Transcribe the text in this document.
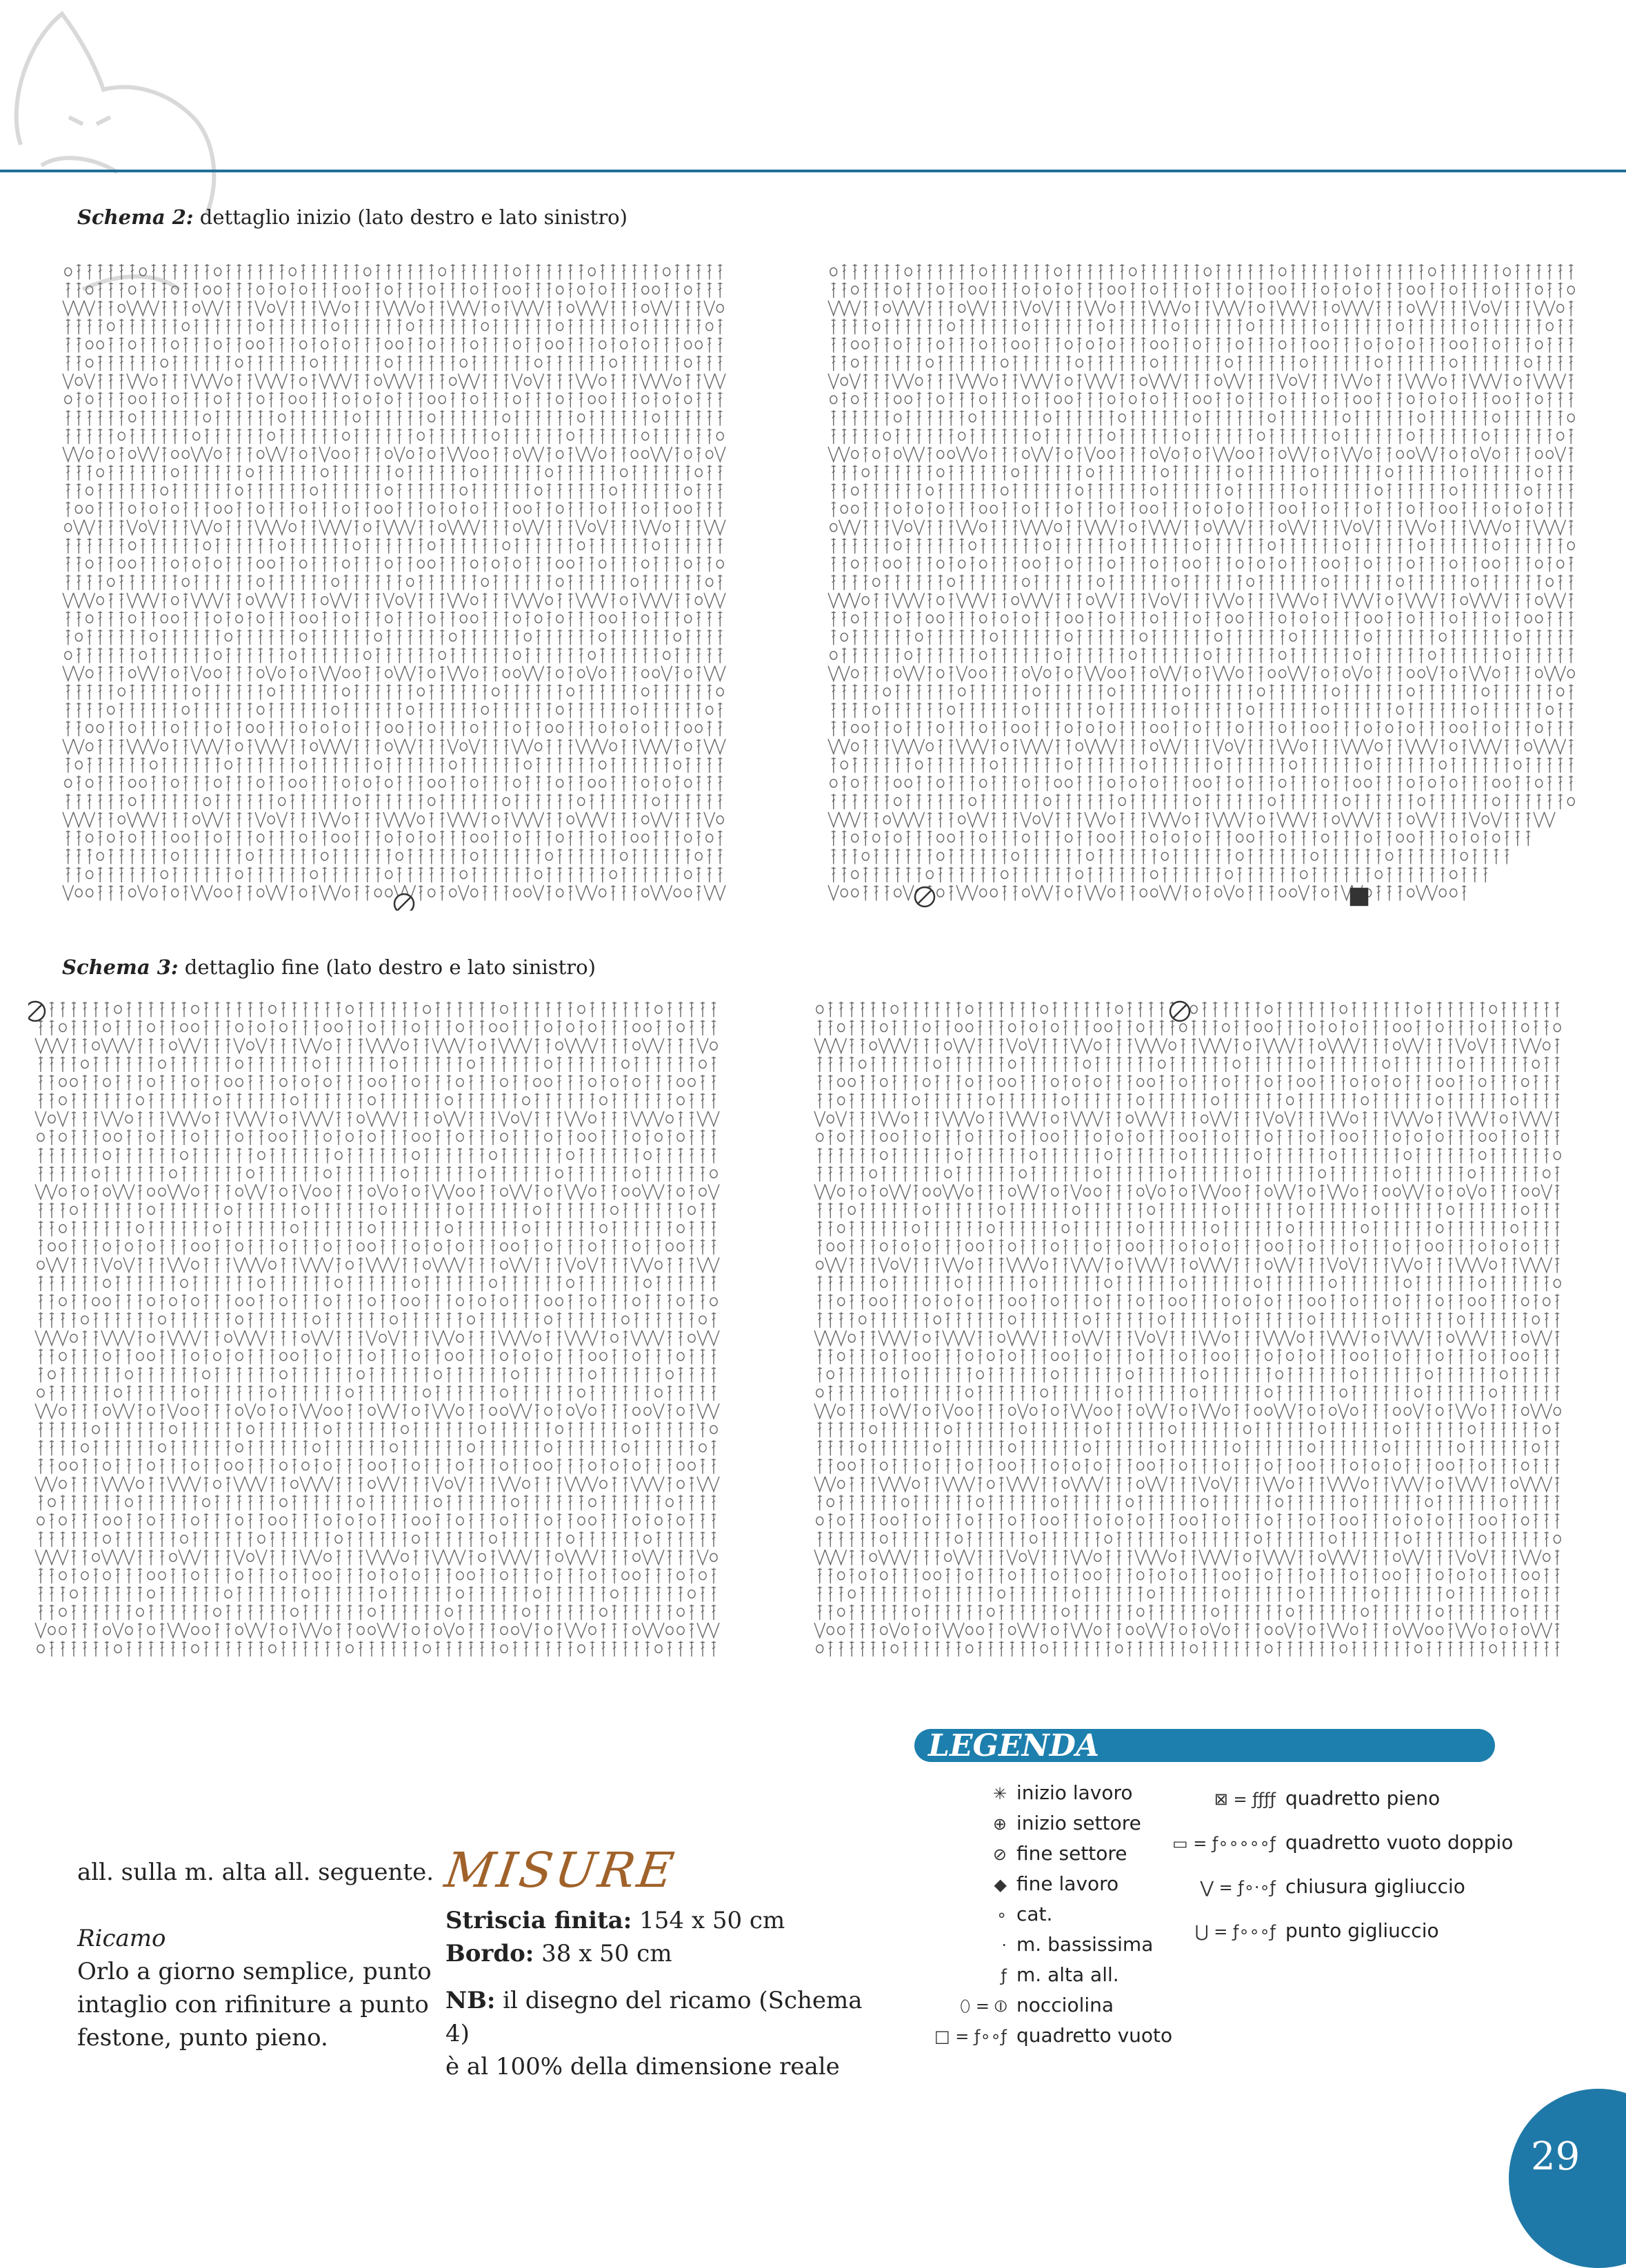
Schema 2: dettaglio inizio (lato destro e lato sinistro)
Schema 3: dettaglio fine (lato destro e lato sinistro)
all. sulla m. alta all. seguente.
Ricamo
Orlo a giorno semplice, punto
intaglio con rifiniture a punto
festone, punto pieno.
MISURE
Striscia finita: 154 x 50 cm
Bordo: 38 x 50 cm
NB: il disegno del ricamo (Schema 4)
è al 100% della dimensione reale
LEGENDA
✳ inizio lavoro
⊕ inizio settore
⊘ fine settore
◆ fine lavoro
∘ cat.
· m. bassissima
ƒ m. alta all.
⬯ = ⦶ nocciolina
□ = ƒ∘∘ƒ quadretto vuoto
⊠ = ƒƒƒƒ quadretto pieno
▭ = ƒ∘∘∘∘∘ƒ quadretto vuoto doppio
⋁ = ƒ∘·∘ƒ chiusura gigliuccio
⋃ = ƒ∘∘∘ƒ punto gigliuccio
29
